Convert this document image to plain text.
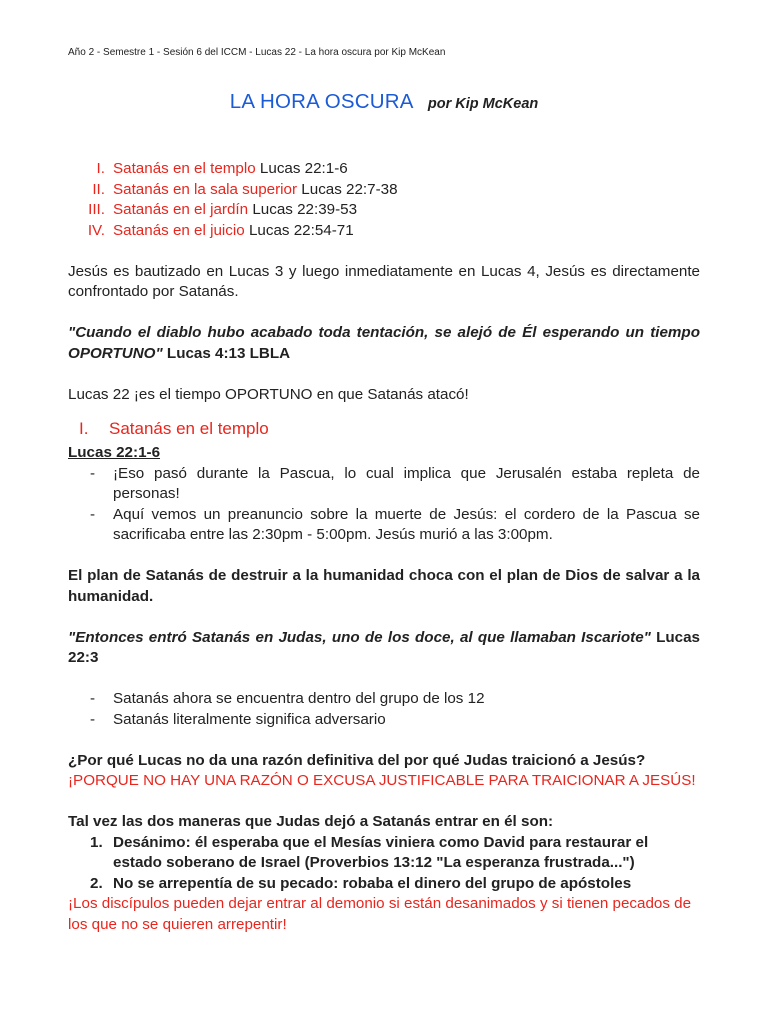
Año 2 - Semestre 1 - Sesión 6 del ICCM - Lucas 22 - La hora oscura por Kip McKean
LA HORA OSCURA por Kip McKean
I. Satanás en el templo Lucas 22:1-6
II. Satanás en la sala superior Lucas 22:7-38
III. Satanás en el jardín Lucas 22:39-53
IV. Satanás en el juicio Lucas 22:54-71

Jesús es bautizado en Lucas 3 y luego inmediatamente en Lucas 4, Jesús es directamente confrontado por Satanás.

"Cuando el diablo hubo acabado toda tentación, se alejó de Él esperando un tiempo OPORTUNO" Lucas 4:13 LBLA

Lucas 22 ¡es el tiempo OPORTUNO en que Satanás atacó!

I. Satanás en el templo
Lucas 22:1-6
- ¡Eso pasó durante la Pascua, lo cual implica que Jerusalén estaba repleta de personas!
- Aquí vemos un preanuncio sobre la muerte de Jesús: el cordero de la Pascua se sacrificaba entre las 2:30pm - 5:00pm. Jesús murió a las 3:00pm.

El plan de Satanás de destruir a la humanidad choca con el plan de Dios de salvar a la humanidad.

"Entonces entró Satanás en Judas, uno de los doce, al que llamaban Iscariote" Lucas 22:3

- Satanás ahora se encuentra dentro del grupo de los 12
- Satanás literalmente significa adversario

¿Por qué Lucas no da una razón definitiva del por qué Judas traicionó a Jesús?

¡PORQUE NO HAY UNA RAZÓN O EXCUSA JUSTIFICABLE PARA TRAICIONAR A JESÚS!

Tal vez las dos maneras que Judas dejó a Satanás entrar en él son:

1. Desánimo: él esperaba que el Mesías viniera como David para restaurar el estado soberano de Israel (Proverbios 13:12 "La esperanza frustrada...")
2. No se arrepentía de su pecado: robaba el dinero del grupo de apóstoles

¡Los discípulos pueden dejar entrar al demonio si están desanimados y si tienen pecados de los que no se quieren arrepentir!
